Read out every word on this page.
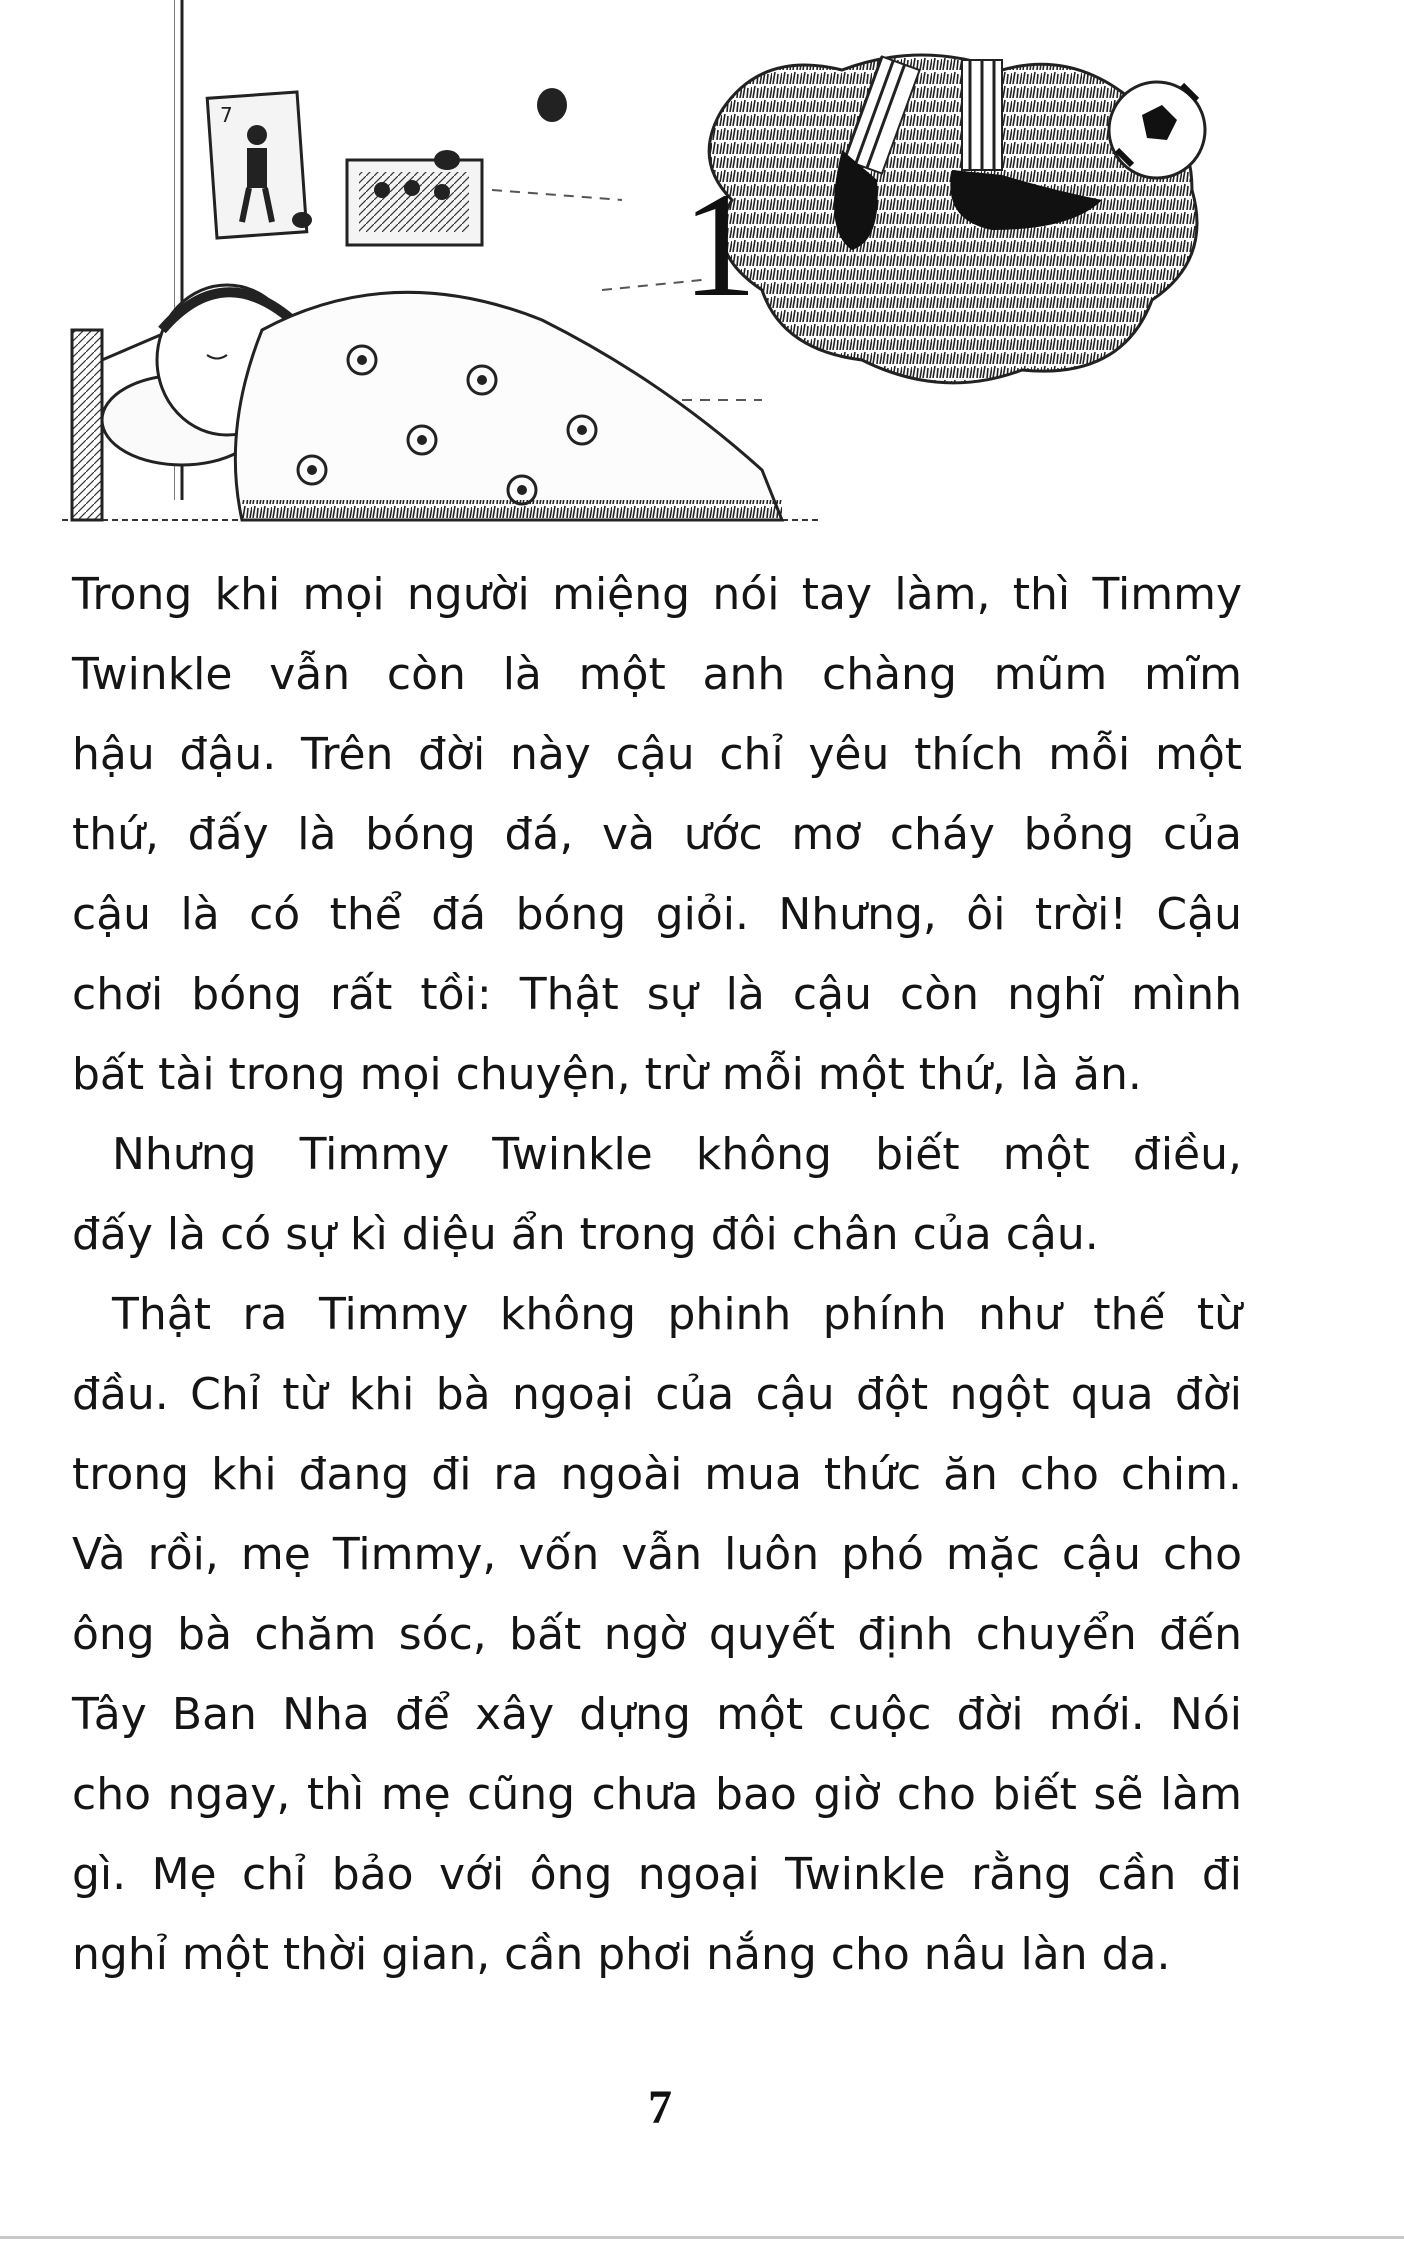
7
1

Trong khi mọi người miệng nói tay làm, thì Timmy
Twinkle vẫn còn là một anh chàng mũm mĩm
hậu đậu. Trên đời này cậu chỉ yêu thích mỗi một
thứ, đấy là bóng đá, và ước mơ cháy bỏng của
cậu là có thể đá bóng giỏi. Nhưng, ôi trời! Cậu
chơi bóng rất tồi: Thật sự là cậu còn nghĩ mình
bất tài trong mọi chuyện, trừ mỗi một thứ, là ăn.

Nhưng Timmy Twinkle không biết một điều,
đấy là có sự kì diệu ẩn trong đôi chân của cậu.

Thật ra Timmy không phinh phính như thế từ
đầu. Chỉ từ khi bà ngoại của cậu đột ngột qua đời
trong khi đang đi ra ngoài mua thức ăn cho chim.
Và rồi, mẹ Timmy, vốn vẫn luôn phó mặc cậu cho
ông bà chăm sóc, bất ngờ quyết định chuyển đến
Tây Ban Nha để xây dựng một cuộc đời mới. Nói
cho ngay, thì mẹ cũng chưa bao giờ cho biết sẽ làm
gì. Mẹ chỉ bảo với ông ngoại Twinkle rằng cần đi
nghỉ một thời gian, cần phơi nắng cho nâu làn da.

7
